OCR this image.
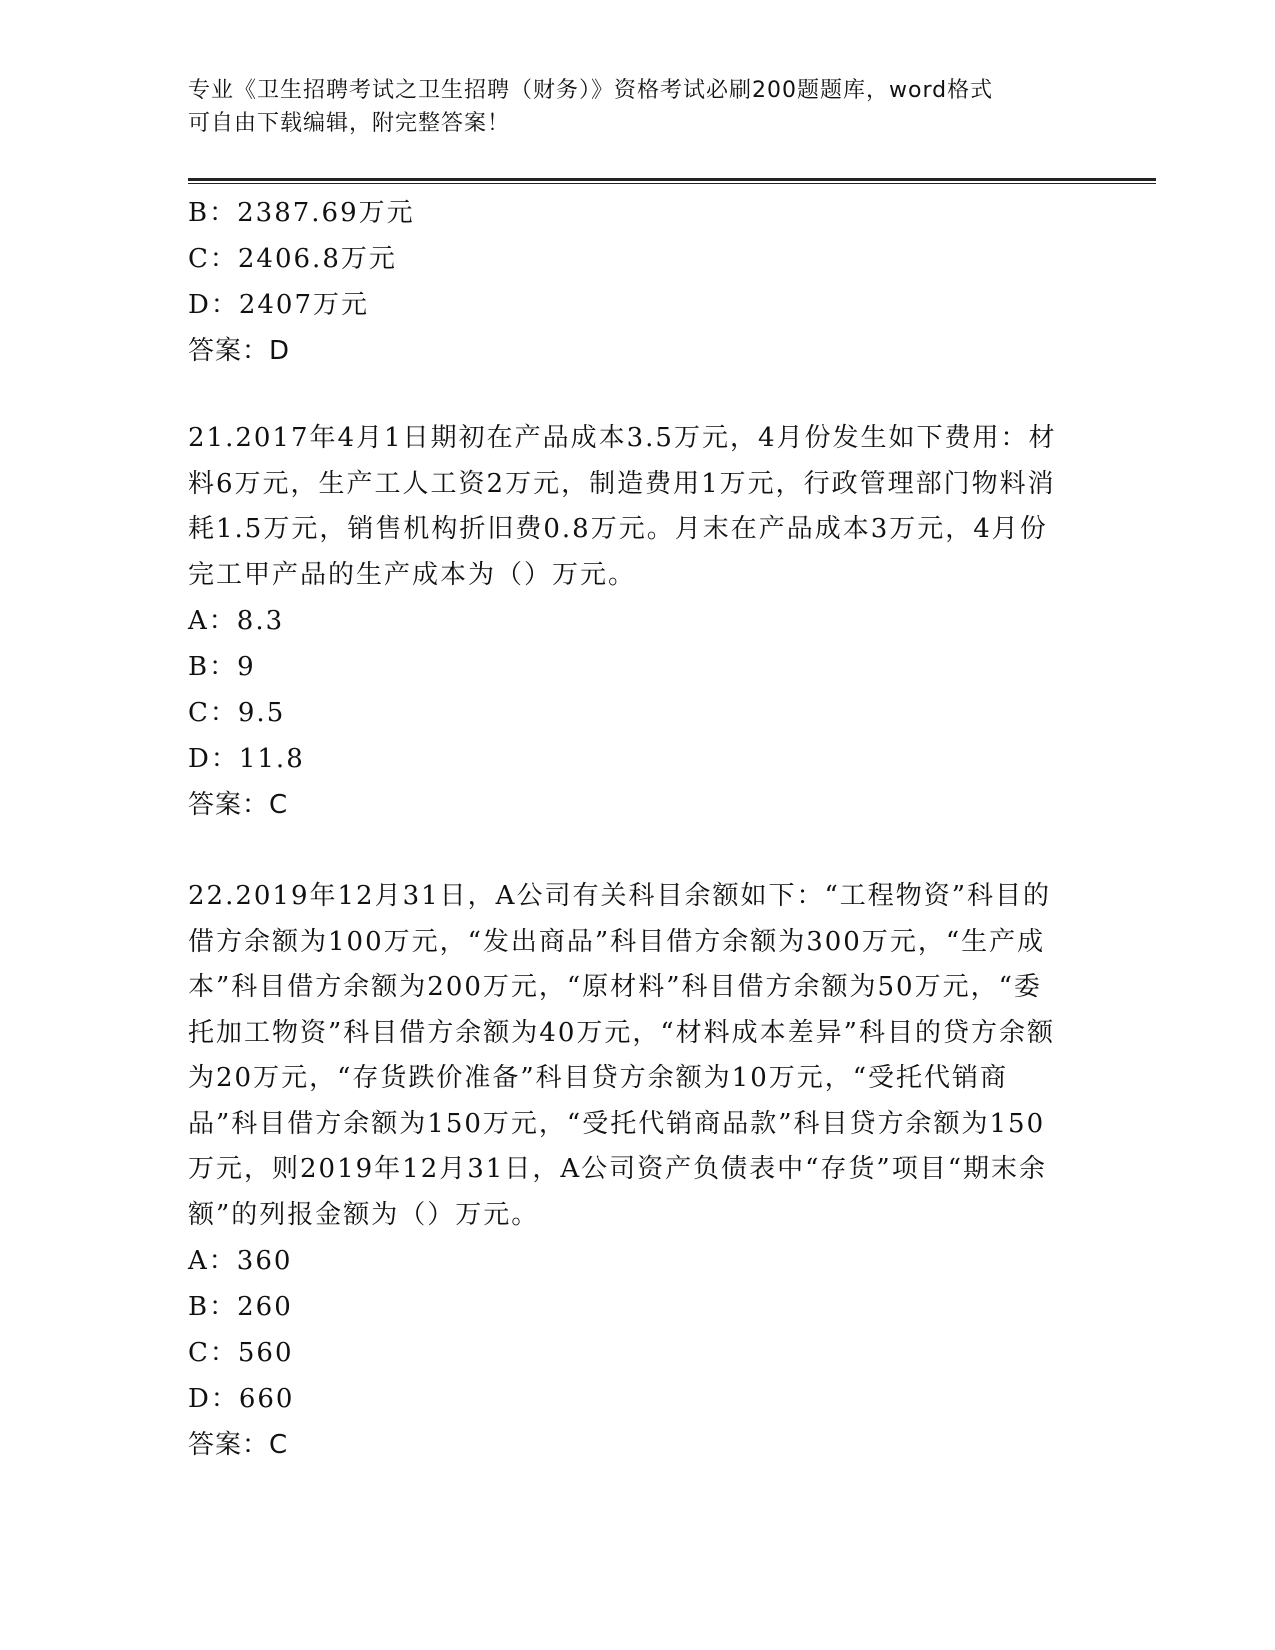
专业《卫生招聘考试之卫生招聘（财务）》资格考试必刷200题题库，word格式
可自由下载编辑，附完整答案！
B：2387.69万元
C：2406.8万元
D：2407万元
答案：D
21.2017年4月1日期初在产品成本3.5万元，4月份发生如下费用：材料6万元，生产工人工资2万元，制造费用1万元，行政管理部门物料消耗1.5万元，销售机构折旧费0.8万元。月末在产品成本3万元，4月份完工甲产品的生产成本为（）万元。
A：8.3
B：9
C：9.5
D：11.8
答案：C
22.2019年12月31日，A公司有关科目余额如下：“工程物资”科目的借方余额为100万元，“发出商品”科目借方余额为300万元，“生产成本”科目借方余额为200万元，“原材料”科目借方余额为50万元，“委托加工物资”科目借方余额为40万元，“材料成本差异”科目的贷方余额为20万元，“存货跌价准备”科目贷方余额为10万元，“受托代销商品”科目借方余额为150万元，“受托代销商品款”科目贷方余额为150万元，则2019年12月31日，A公司资产负债表中“存货”项目“期末余额”的列报金额为（）万元。
A：360
B：260
C：560
D：660
答案：C
